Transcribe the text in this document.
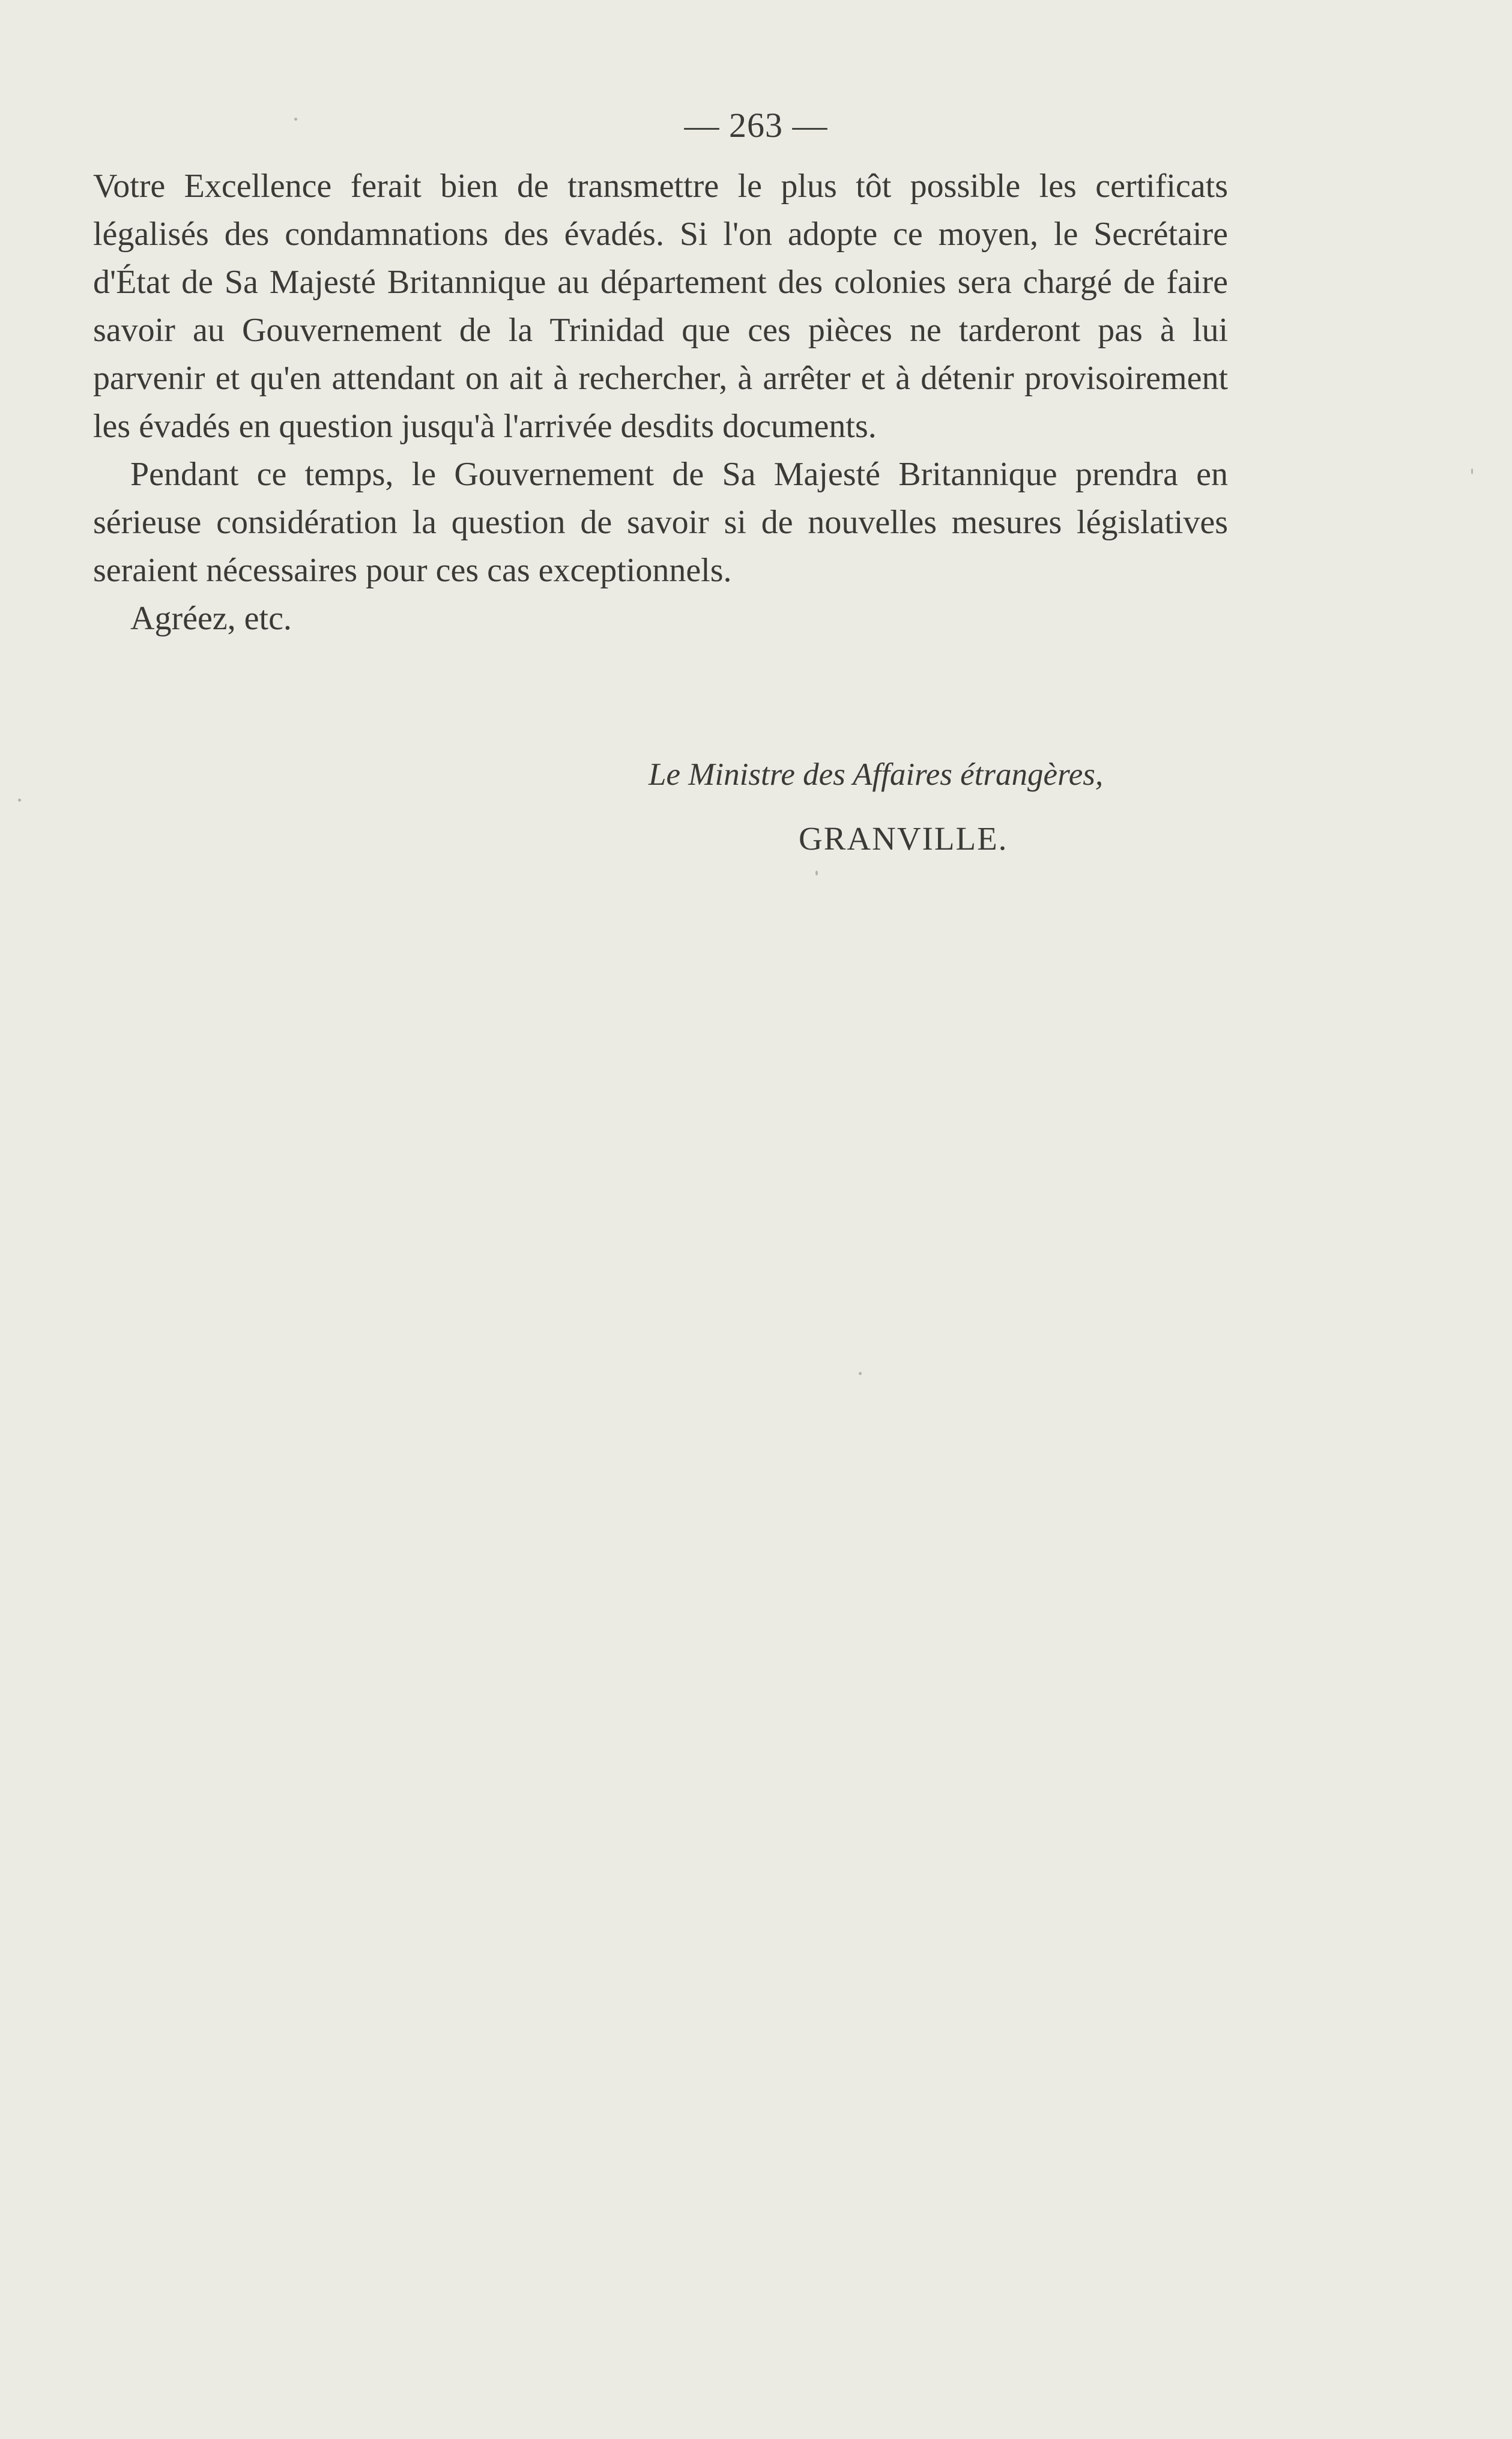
— 263 —

Votre Excellence ferait bien de transmettre le plus tôt possible les certificats légalisés des condamnations des évadés. Si l'on adopte ce moyen, le Secrétaire d'État de Sa Majesté Britannique au département des colonies sera chargé de faire savoir au Gouvernement de la Trinidad que ces pièces ne tarderont pas à lui parvenir et qu'en attendant on ait à rechercher, à arrêter et à détenir provisoirement les évadés en question jusqu'à l'arrivée desdits documents.

Pendant ce temps, le Gouvernement de Sa Majesté Britannique prendra en sérieuse considération la question de savoir si de nouvelles mesures législatives seraient nécessaires pour ces cas exceptionnels.

Agréez, etc.

Le Ministre des Affaires étrangères,
GRANVILLE.
